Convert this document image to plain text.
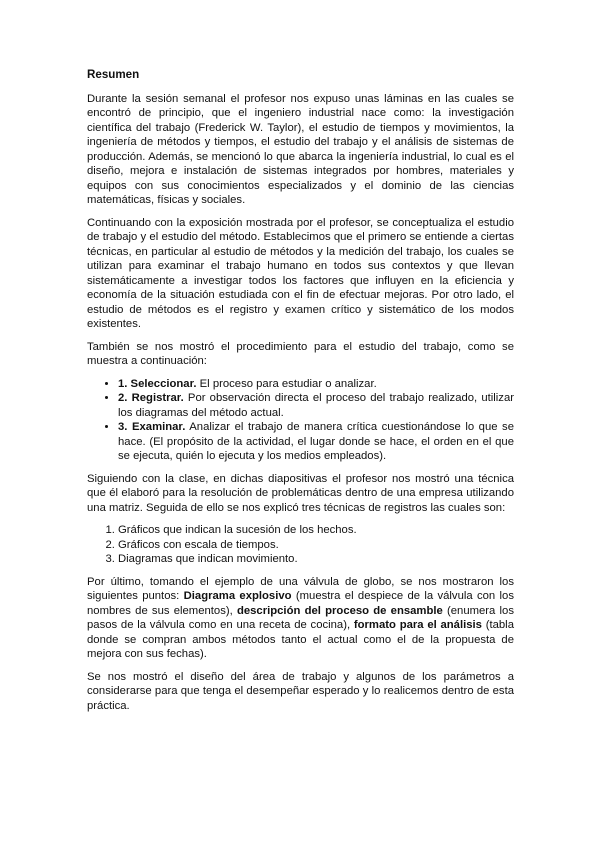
Resumen

Durante la sesión semanal el profesor nos expuso unas láminas en las cuales se encontró de principio, que el ingeniero industrial nace como: la investigación científica del trabajo (Frederick W. Taylor), el estudio de tiempos y movimientos, la ingeniería de métodos y tiempos, el estudio del trabajo y el análisis de sistemas de producción. Además, se mencionó lo que abarca la ingeniería industrial, lo cual es el diseño, mejora e instalación de sistemas integrados por hombres, materiales y equipos con sus conocimientos especializados y el dominio de las ciencias matemáticas, físicas y sociales.

Continuando con la exposición mostrada por el profesor, se conceptualiza el estudio de trabajo y el estudio del método. Establecimos que el primero se entiende a ciertas técnicas, en particular al estudio de métodos y la medición del trabajo, los cuales se utilizan para examinar el trabajo humano en todos sus contextos y que llevan sistemáticamente a investigar todos los factores que influyen en la eficiencia y economía de la situación estudiada con el fin de efectuar mejoras. Por otro lado, el estudio de métodos es el registro y examen crítico y sistemático de los modos existentes.

También se nos mostró el procedimiento para el estudio del trabajo, como se muestra a continuación:

• 1. Seleccionar. El proceso para estudiar o analizar.
• 2. Registrar. Por observación directa el proceso del trabajo realizado, utilizar los diagramas del método actual.
• 3. Examinar. Analizar el trabajo de manera crítica cuestionándose lo que se hace. (El propósito de la actividad, el lugar donde se hace, el orden en el que se ejecuta, quién lo ejecuta y los medios empleados).

Siguiendo con la clase, en dichas diapositivas el profesor nos mostró una técnica que él elaboró para la resolución de problemáticas dentro de una empresa utilizando una matriz. Seguida de ello se nos explicó tres técnicas de registros las cuales son:

1. Gráficos que indican la sucesión de los hechos.
2. Gráficos con escala de tiempos.
3. Diagramas que indican movimiento.

Por último, tomando el ejemplo de una válvula de globo, se nos mostraron los siguientes puntos: Diagrama explosivo (muestra el despiece de la válvula con los nombres de sus elementos), descripción del proceso de ensamble (enumera los pasos de la válvula como en una receta de cocina), formato para el análisis (tabla donde se compran ambos métodos tanto el actual como el de la propuesta de mejora con sus fechas).

Se nos mostró el diseño del área de trabajo y algunos de los parámetros a considerarse para que tenga el desempeñar esperado y lo realicemos dentro de esta práctica.
